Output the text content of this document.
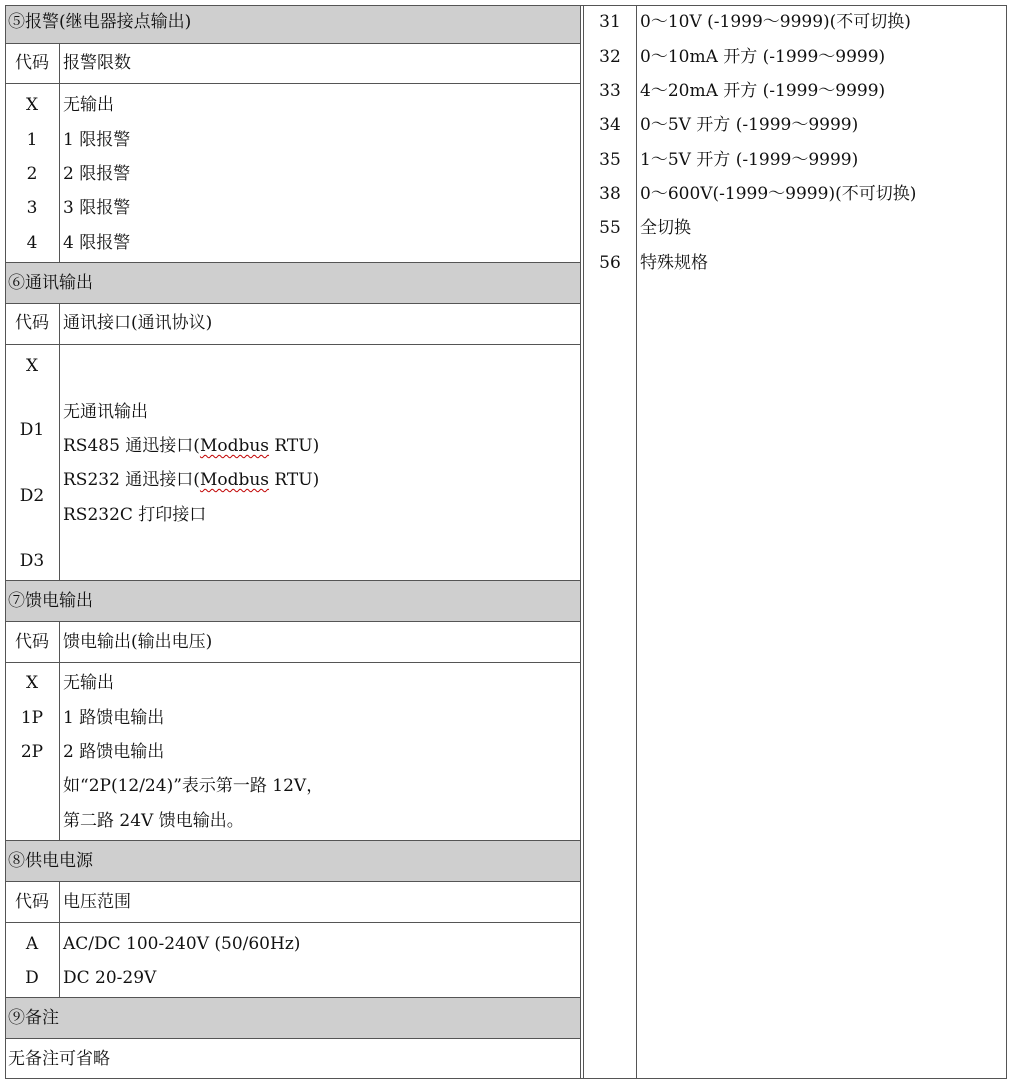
⑤报警(继电器接点输出)
代码 报警限数
X
1
2
3
4
无输出
1 限报警
2 限报警
3 限报警
4 限报警
⑥通讯输出
代码 通讯接口(通讯协议)
X
D1
D2
D3
无通讯输出
RS485 通迅接口(Modbus RTU)
RS232 通迅接口(Modbus RTU)
RS232C 打印接口
⑦馈电输出
代码 馈电输出(输出电压)
X
1P
2P
无输出
1 路馈电输出
2 路馈电输出
如“2P(12/24)”表示第一路 12V，
第二路 24V 馈电输出。
⑧供电电源
代码 电压范围
A
D
AC/DC 100-240V (50/60Hz)
DC 20-29V
⑨备注
无备注可省略
31
32
33
34
35
38
55
56
0～10V (-1999～9999)(不可切换)
0～10mA 开方 (-1999～9999)
4～20mA 开方 (-1999～9999)
0～5V 开方 (-1999～9999)
1～5V 开方 (-1999～9999)
0～600V(-1999～9999)(不可切换)
全切换
特殊规格
